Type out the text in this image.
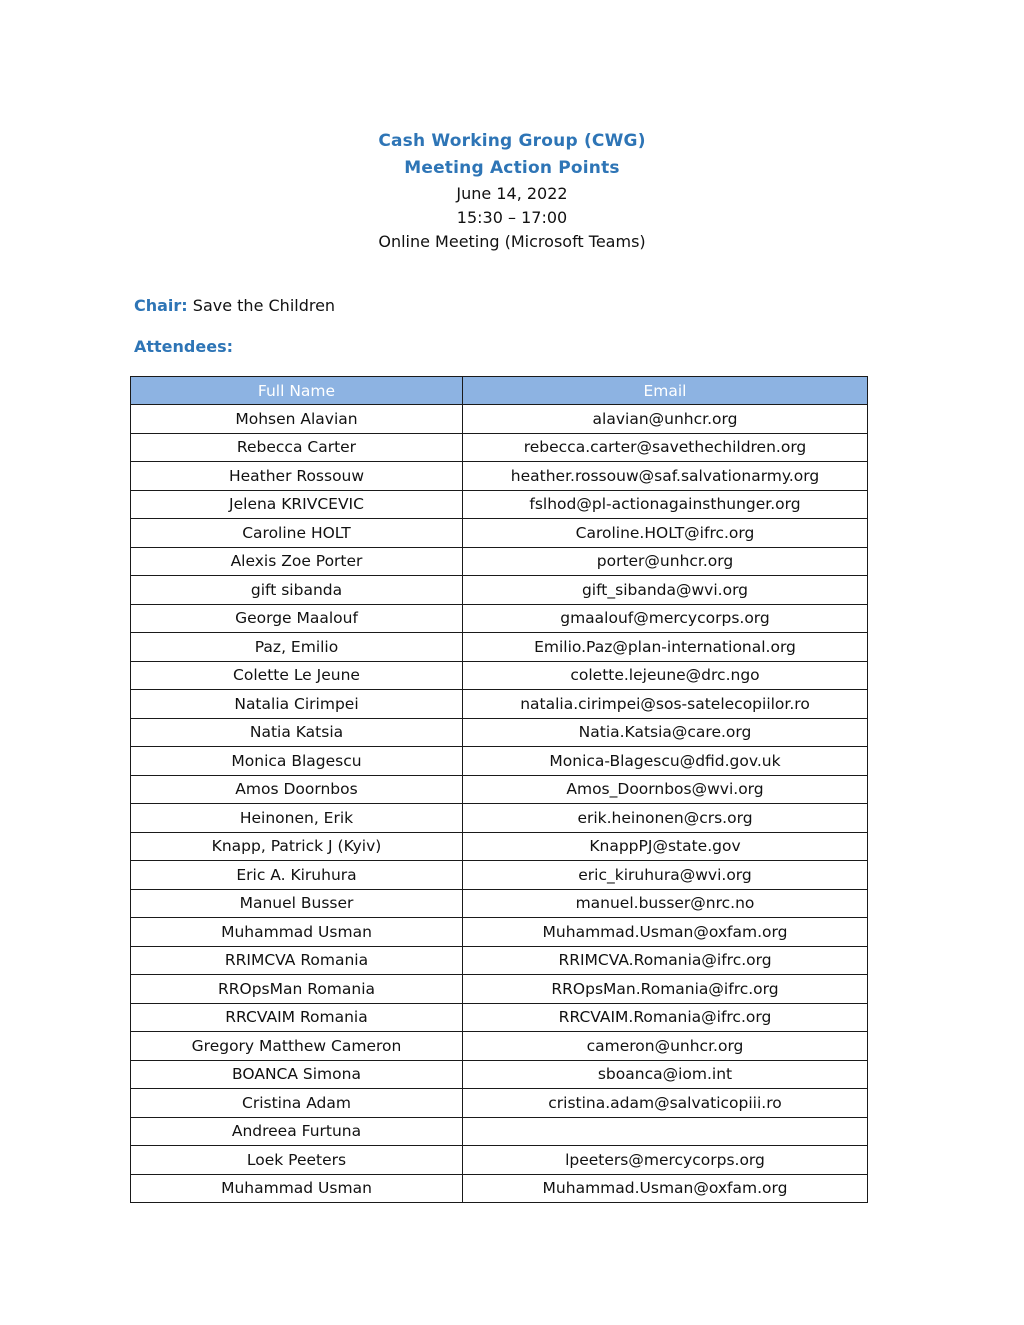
Cash Working Group (CWG)
Meeting Action Points
June 14, 2022
15:30 – 17:00
Online Meeting (Microsoft Teams)
Chair: Save the Children
Attendees:
Full Name	Email
Mohsen Alavian	alavian@unhcr.org
Rebecca Carter	rebecca.carter@savethechildren.org
Heather Rossouw	heather.rossouw@saf.salvationarmy.org
Jelena KRIVCEVIC	fslhod@pl-actionagainsthunger.org
Caroline HOLT	Caroline.HOLT@ifrc.org
Alexis Zoe Porter	porter@unhcr.org
gift sibanda	gift_sibanda@wvi.org
George Maalouf	gmaalouf@mercycorps.org
Paz, Emilio	Emilio.Paz@plan-international.org
Colette Le Jeune	colette.lejeune@drc.ngo
Natalia Cirimpei	natalia.cirimpei@sos-satelecopiilor.ro
Natia Katsia	Natia.Katsia@care.org
Monica Blagescu	Monica-Blagescu@dfid.gov.uk
Amos Doornbos	Amos_Doornbos@wvi.org
Heinonen, Erik	erik.heinonen@crs.org
Knapp, Patrick J (Kyiv)	KnappPJ@state.gov
Eric A. Kiruhura	eric_kiruhura@wvi.org
Manuel Busser	manuel.busser@nrc.no
Muhammad Usman	Muhammad.Usman@oxfam.org
RRIMCVA Romania	RRIMCVA.Romania@ifrc.org
RROpsMan Romania	RROpsMan.Romania@ifrc.org
RRCVAIM Romania	RRCVAIM.Romania@ifrc.org
Gregory Matthew Cameron	cameron@unhcr.org
BOANCA Simona	sboanca@iom.int
Cristina Adam	cristina.adam@salvaticopiii.ro
Andreea Furtuna	
Loek Peeters	lpeeters@mercycorps.org
Muhammad Usman	Muhammad.Usman@oxfam.org
